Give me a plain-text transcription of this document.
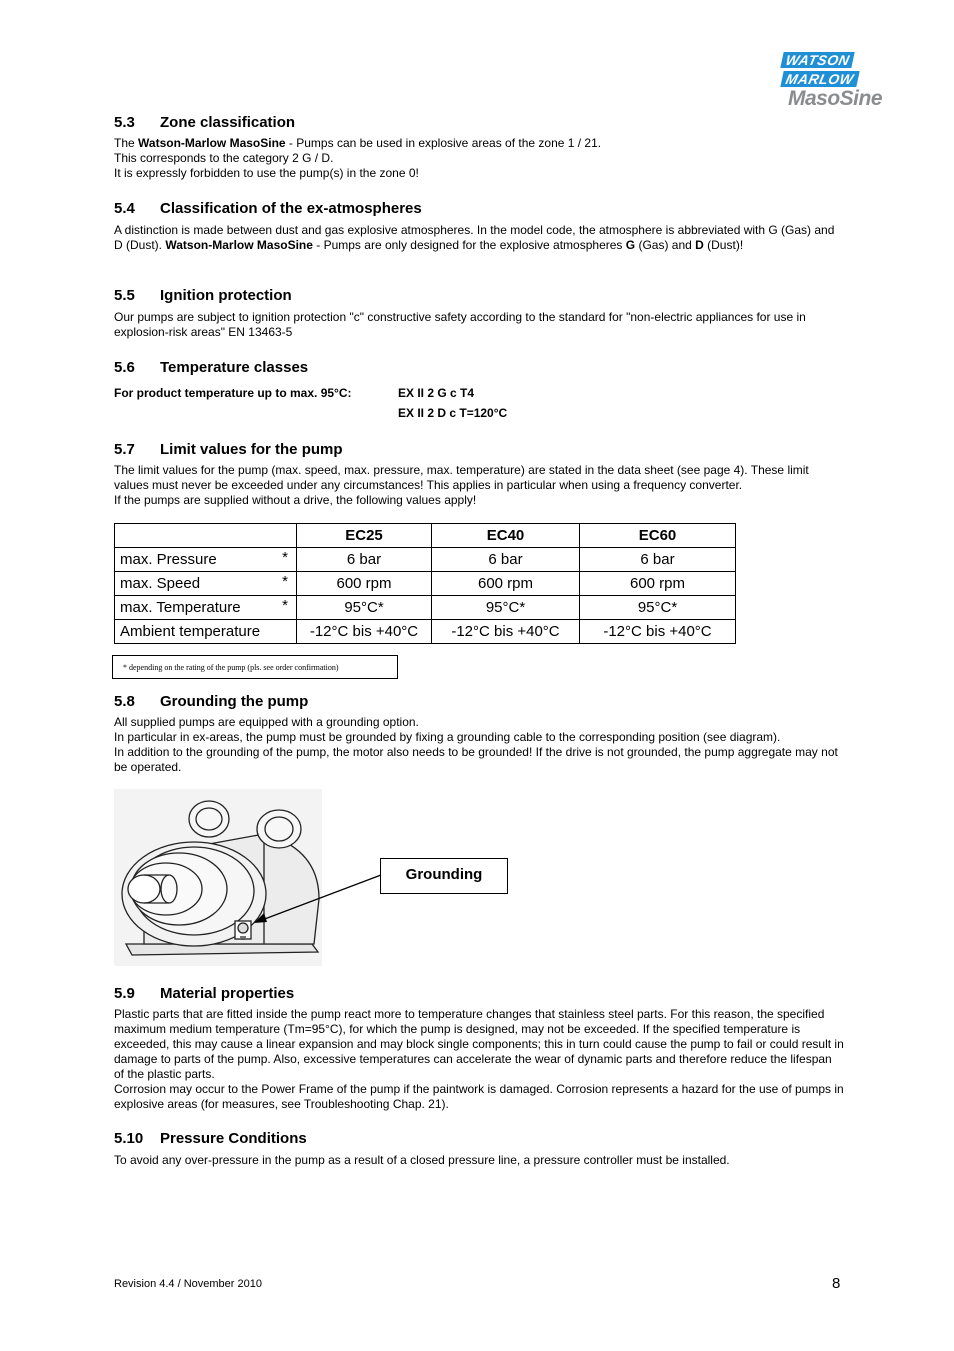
WATSON
MARLOW
MasoSine
5.3 Zone classification
The Watson-Marlow MasoSine - Pumps can be used in explosive areas of the zone 1 / 21.
This corresponds to the category 2 G / D.
It is expressly forbidden to use the pump(s) in the zone 0!
5.4 Classification of the ex-atmospheres
A distinction is made between dust and gas explosive atmospheres. In the model code, the atmosphere is abbreviated with G (Gas) and D (Dust). Watson-Marlow MasoSine - Pumps are only designed for the explosive atmospheres G (Gas) and D (Dust)!
5.5 Ignition protection
Our pumps are subject to ignition protection "c" constructive safety according to the standard for "non-electric appliances for use in explosion-risk areas" EN 13463-5
5.6 Temperature classes
For product temperature up to max. 95°C:	EX II 2 G c T4
EX II 2 D c T=120°C
5.7 Limit values for the pump
The limit values for the pump (max. speed, max. pressure, max. temperature) are stated in the data sheet (see page 4). These limit values must never be exceeded under any circumstances! This applies in particular when using a frequency converter.
If the pumps are supplied without a drive, the following values apply!
	EC25	EC40	EC60
max. Pressure *	6 bar	6 bar	6 bar
max. Speed *	600 rpm	600 rpm	600 rpm
max. Temperature *	95°C*	95°C*	95°C*
Ambient temperature	-12°C bis +40°C	-12°C bis +40°C	-12°C bis +40°C
* depending on the rating of the pump (pls. see order confirmation)
5.8 Grounding the pump
All supplied pumps are equipped with a grounding option.
In particular in ex-areas, the pump must be grounded by fixing a grounding cable to the corresponding position (see diagram).
In addition to the grounding of the pump, the motor also needs to be grounded! If the drive is not grounded, the pump aggregate may not be operated.
Grounding
5.9 Material properties
Plastic parts that are fitted inside the pump react more to temperature changes that stainless steel parts. For this reason, the specified maximum medium temperature (Tm=95°C), for which the pump is designed, may not be exceeded. If the specified temperature is exceeded, this may cause a linear expansion and may block single components; this in turn could cause the pump to fail or could result in damage to parts of the pump. Also, excessive temperatures can accelerate the wear of dynamic parts and therefore reduce the lifespan of the plastic parts.
Corrosion may occur to the Power Frame of the pump if the paintwork is damaged. Corrosion represents a hazard for the use of pumps in explosive areas (for measures, see Troubleshooting Chap. 21).
5.10 Pressure Conditions
To avoid any over-pressure in the pump as a result of a closed pressure line, a pressure controller must be installed.
Revision 4.4 / November 2010	8
